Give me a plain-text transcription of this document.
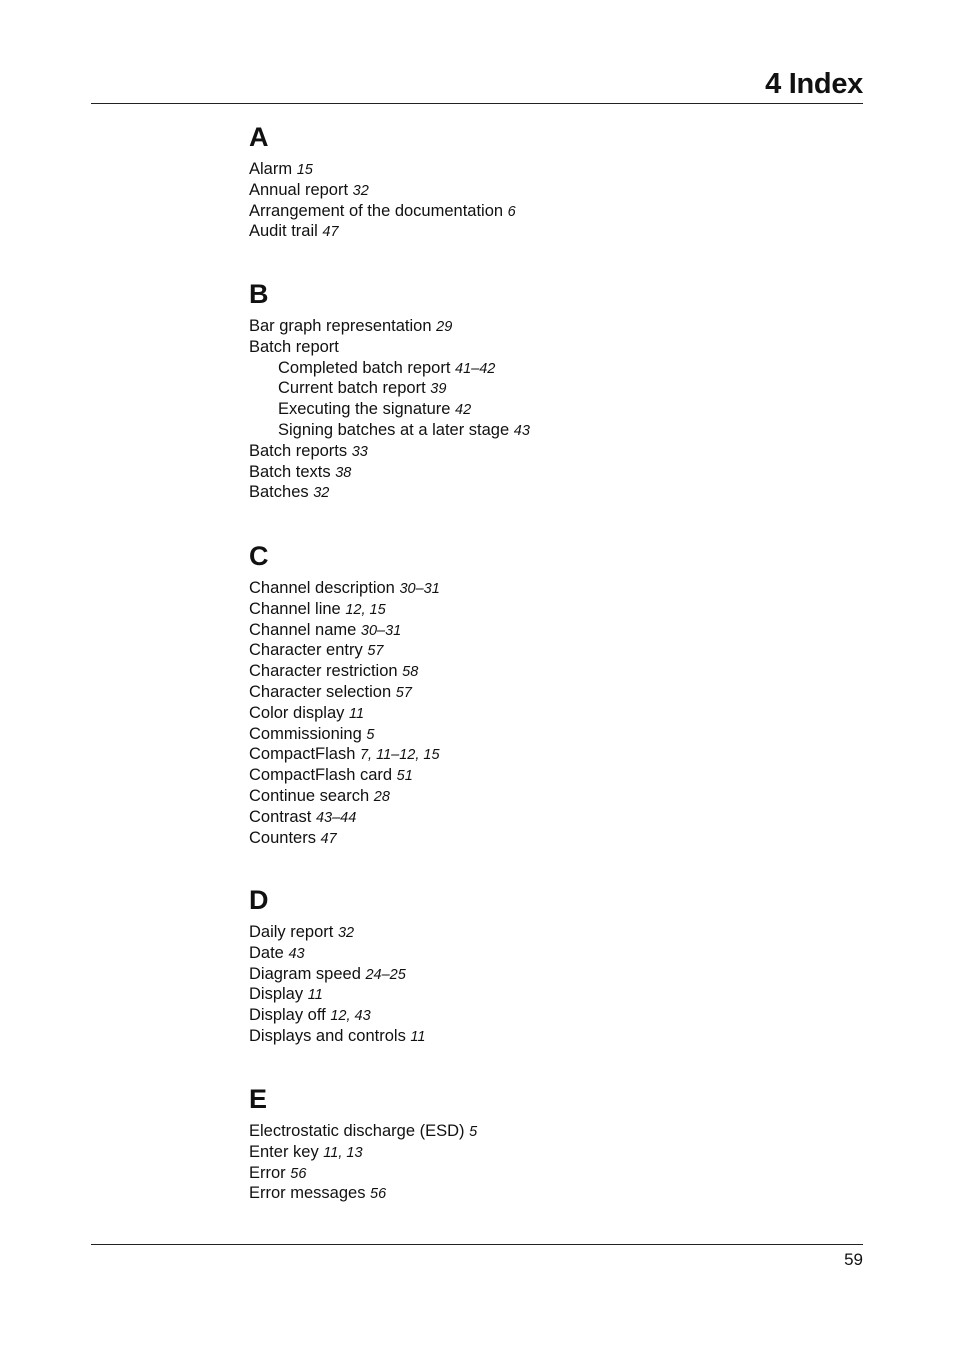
4 Index
A
Alarm 15
Annual report 32
Arrangement of the documentation 6
Audit trail 47
B
Bar graph representation 29
Batch report
Completed batch report 41–42
Current batch report 39
Executing the signature 42
Signing batches at a later stage 43
Batch reports 33
Batch texts 38
Batches 32
C
Channel description 30–31
Channel line 12, 15
Channel name 30–31
Character entry 57
Character restriction 58
Character selection 57
Color display 11
Commissioning 5
CompactFlash 7, 11–12, 15
CompactFlash card 51
Continue search 28
Contrast 43–44
Counters 47
D
Daily report 32
Date 43
Diagram speed 24–25
Display 11
Display off 12, 43
Displays and controls 11
E
Electrostatic discharge (ESD) 5
Enter key 11, 13
Error 56
Error messages 56
59
